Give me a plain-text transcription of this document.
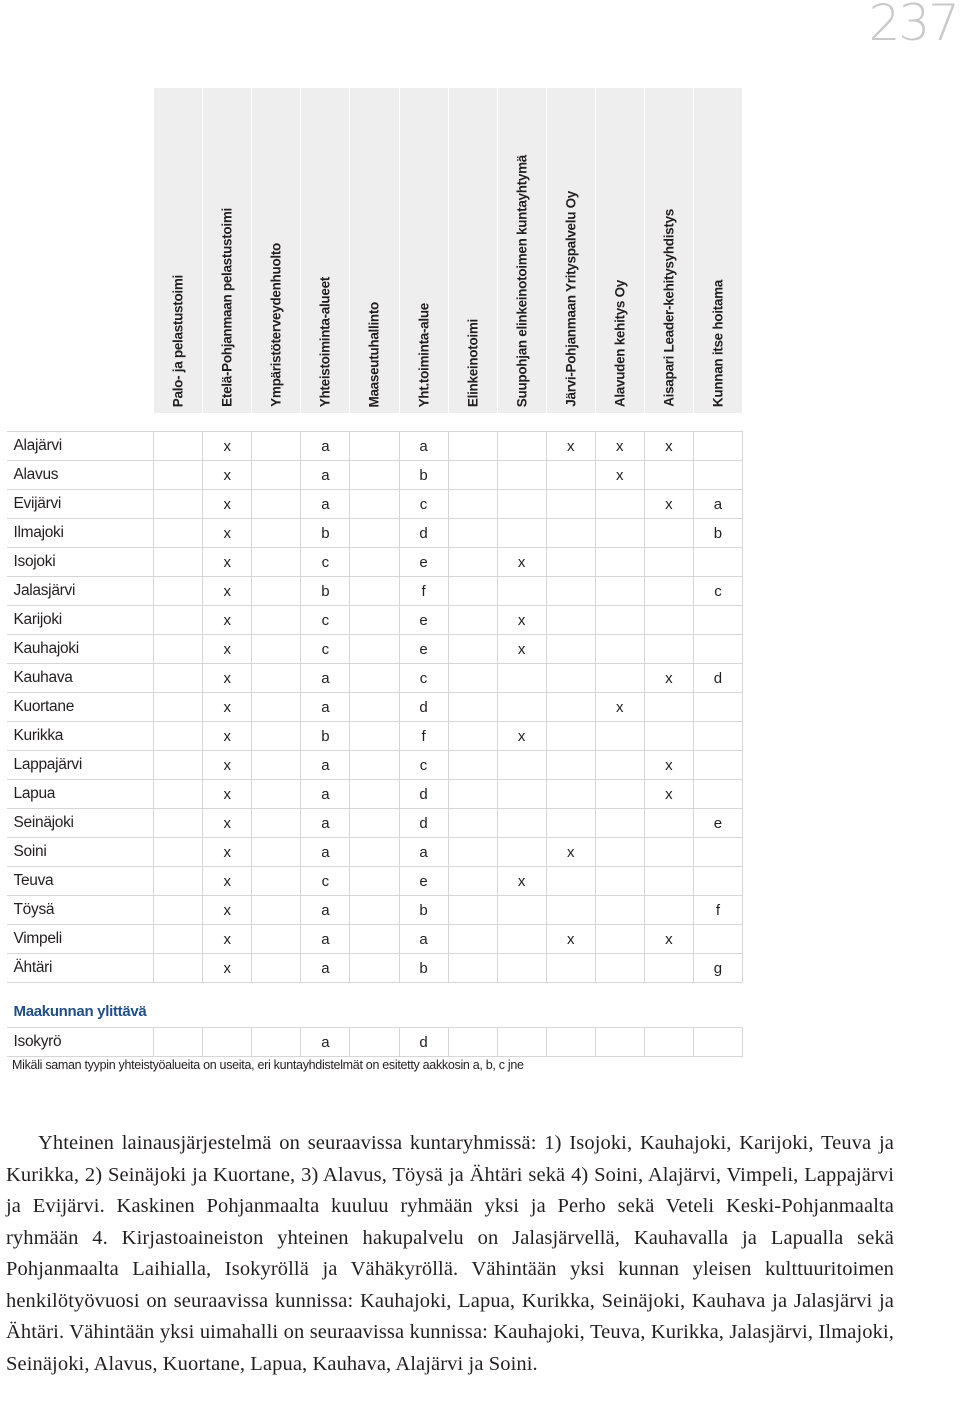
237

	Palo- ja pelastustoimi	Etelä-Pohjanmaan pelastustoimi	Ympäristöterveydenhuolto	Yhteistoiminta-alueet	Maaseutuhallinto	Yht.toiminta-alue	Elinkeinotoimi	Suupohjan elinkeinotoimen kuntayhtymä	Järvi-Pohjanmaan Yrityspalvelu Oy	Alavuden kehitys Oy	Aisapari Leader-kehitysyhdistys	Kunnan itse hoitama

Alajärvi		x		a		a			x	x	x	
Alavus		x		a		b				x		
Evijärvi		x		a		c					x	a
Ilmajoki		x		b		d						b
Isojoki		x		c		e		x				
Jalasjärvi		x		b		f						c
Karijoki		x		c		e		x				
Kauhajoki		x		c		e		x				
Kauhava		x		a		c					x	d
Kuortane		x		a		d				x		
Kurikka		x		b		f		x				
Lappajärvi		x		a		c					x	
Lapua		x		a		d					x	
Seinäjoki		x		a		d						e
Soini		x		a		a			x			
Teuva		x		c		e		x				
Töysä		x		a		b						f
Vimpeli		x		a		a			x		x	
Ähtäri		x		a		b						g

Maakunnan ylittävä												
Isokyrö				a		d						
Mikäli saman tyypin yhteistyöalueita on useita, eri kuntayhdistelmät on esitetty aakkosin a, b, c jne

Yhteinen lainausjärjestelmä on seuraavissa kuntaryhmissä: 1) Isojoki, Kauhajoki, Karijoki, Teuva ja Kurikka, 2) Seinäjoki ja Kuortane, 3) Alavus, Töysä ja Ähtäri sekä 4) Soini, Alajärvi, Vimpeli, Lappajärvi ja Evijärvi. Kaskinen Pohjanmaalta kuuluu ryhmään yksi ja Perho sekä Veteli Keski-Pohjanmaalta ryhmään 4. Kirjastoaineiston yhteinen hakupalvelu on Jalasjärvellä, Kauhavalla ja Lapualla sekä Pohjanmaalta Laihialla, Isokyröllä ja Vähäkyröllä. Vähintään yksi kunnan yleisen kulttuuritoimen henkilötyövuosi on seuraavissa kunnissa: Kauhajoki, Lapua, Kurikka, Seinäjoki, Kauhava ja Jalasjärvi ja Ähtäri. Vähintään yksi uimahalli on seuraavissa kunnissa: Kauhajoki, Teuva, Kurikka, Jalasjärvi, Ilmajoki, Seinäjoki, Alavus, Kuortane, Lapua, Kauhava, Alajärvi ja Soini.
